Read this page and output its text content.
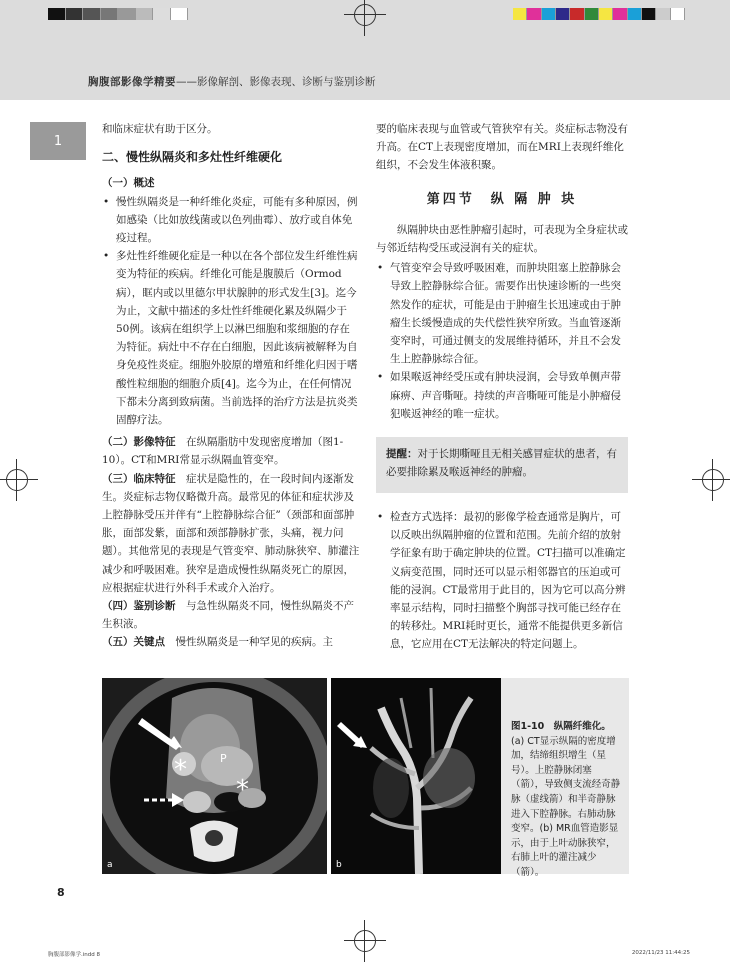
胸腹部影像学精要——影像解剖、影像表现、诊断与鉴别诊断
1

和临床症状有助于区分。

二、慢性纵隔炎和多灶性纤维硬化

（一）概述

• 慢性纵隔炎是一种纤维化炎症，可能有多种原因，例如感染（比如放线菌或以色列曲霉）、放疗或自体免疫过程。

• 多灶性纤维硬化症是一种以在各个部位发生纤维性病变为特征的疾病。纤维化可能是腹膜后（Ormod病），眶内或以里德尔甲状腺肿的形式发生[3]。迄今为止，文献中描述的多灶性纤维硬化累及纵隔少于50例。该病在组织学上以淋巴细胞和浆细胞的存在为特征。病灶中不存在白细胞，因此该病被解释为自身免疫性炎症。细胞外胶原的增殖和纤维化归因于嗜酸性粒细胞的细胞介质[4]。迄今为止，在任何情况下都未分离到致病菌。当前选择的治疗方法是抗炎类固醇疗法。

（二）影像特征　 在纵隔脂肪中发现密度增加（图1-10）。CT和MRI常显示纵隔血管变窄。

（三）临床特征　 症状是隐性的，在一段时间内逐渐发生。炎症标志物仅略微升高。最常见的体征和症状涉及上腔静脉受压并伴有“上腔静脉综合征”（颈部和面部肿胀，面部发紫，面部和颈部静脉扩张，头痛，视力问题）。其他常见的表现是气管变窄、肺动脉狭窄、肺灌注减少和呼吸困难。狭窄是造成慢性纵隔炎死亡的原因，应根据症状进行外科手术或介入治疗。

（四）鉴别诊断　 与急性纵隔炎不同，慢性纵隔炎不产生积液。

（五）关键点　 慢性纵隔炎是一种罕见的疾病。主

要的临床表现与血管或气管狭窄有关。炎症标志物没有升高。在CT上表现密度增加，而在MRI上表现纤维化组织，不会发生体液积聚。

第四节　纵 隔 肿 块

纵隔肿块由恶性肿瘤引起时，可表现为全身症状或与邻近结构受压或浸润有关的症状。

• 气管变窄会导致呼吸困难，而肿块阻塞上腔静脉会导致上腔静脉综合征。需要作出快速诊断的一些突然发作的症状，可能是由于肿瘤生长迅速或由于肿瘤生长缓慢造成的失代偿性狭窄所致。当血管逐渐变窄时，可通过侧支的发展维持循环，并且不会发生上腔静脉综合征。

• 如果喉返神经受压或有肿块浸润，会导致单侧声带麻痹、声音嘶哑。持续的声音嘶哑可能是小肿瘤侵犯喉返神经的唯一症状。

提醒：对于长期嘶哑且无相关感冒症状的患者，有必要排除累及喉返神经的肿瘤。

• 检查方式选择：最初的影像学检查通常是胸片，可以反映出纵隔肿瘤的位置和范围。先前介绍的放射学征象有助于确定肿块的位置。CT扫描可以准确定义病变范围，同时还可以显示相邻器官的压迫或可能的浸润。CT最常用于此目的，因为它可以高分辨率显示结构，同时扫描整个胸部寻找可能已经存在的转移灶。MRI耗时更长，通常不能提供更多新信息，它应用在CT无法解决的特定问题上。

*
*
P
a	b
图1-10　纵隔纤维化。
(a) CT显示纵隔的密度增加，结缔组织增生（星号）。上腔静脉闭塞（箭），导致侧支流经奇静脉（虚线箭）和半奇静脉进入下腔静脉。右肺动脉变窄。(b) MR血管造影显示，由于上叶动脉狭窄，右肺上叶的灌注减少（箭）。
8
胸腹部影像学.indd 8	2022/11/23 11:44:25
